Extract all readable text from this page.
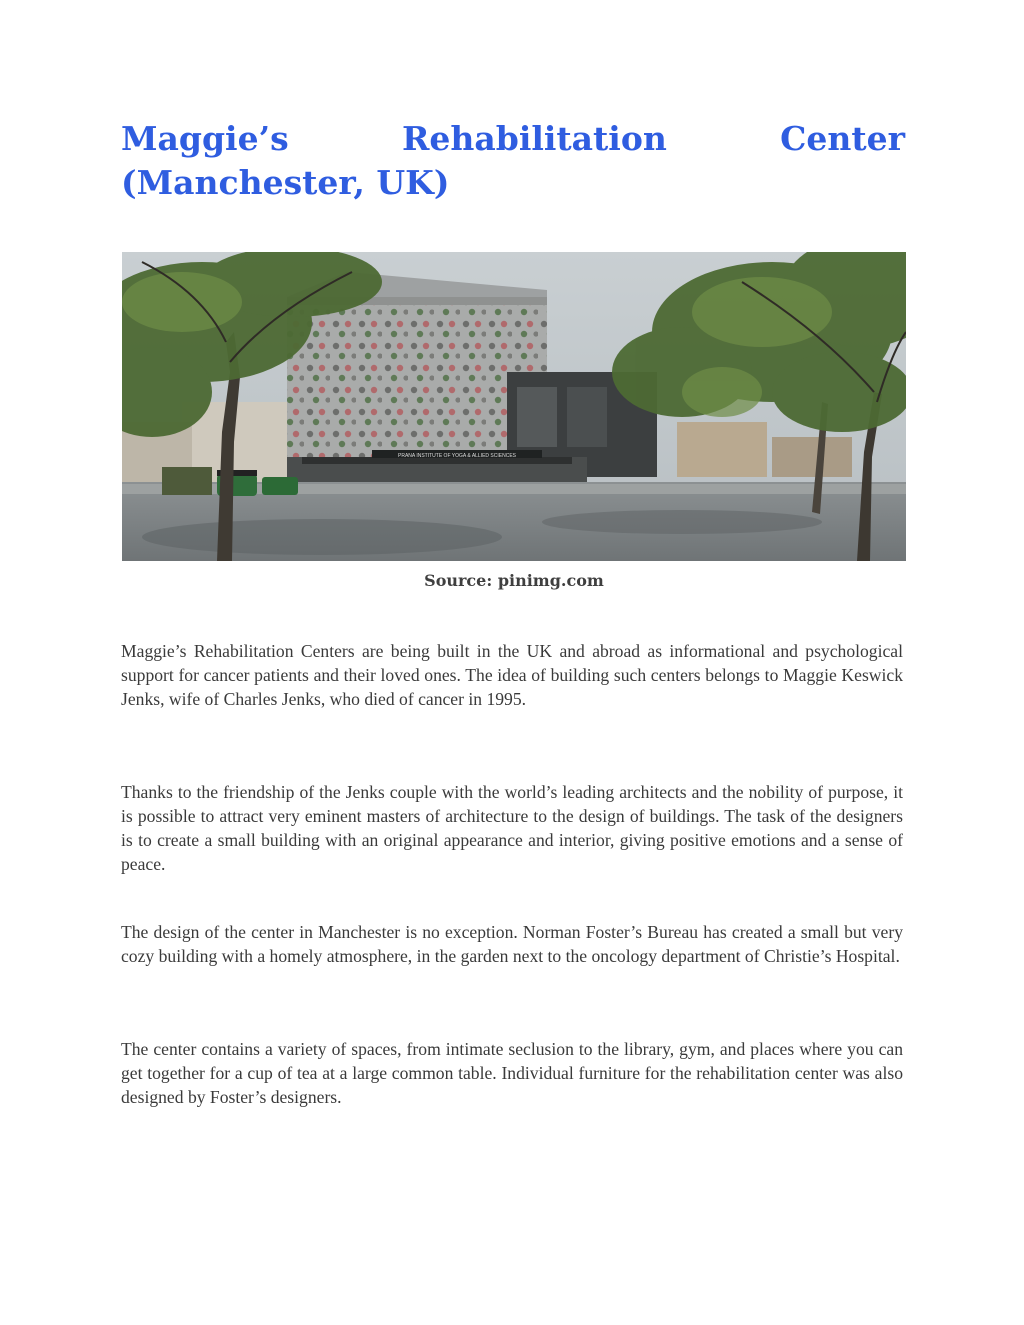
Maggie’s Rehabilitation Center (Manchester, UK)
PRANA INSTITUTE OF YOGA & ALLIED SCIENCES
Source: pinimg.com

Maggie’s Rehabilitation Centers are being built in the UK and abroad as informational and psychological support for cancer patients and their loved ones. The idea of building such centers belongs to Maggie Keswick Jenks, wife of Charles Jenks, who died of cancer in 1995.

Thanks to the friendship of the Jenks couple with the world’s leading architects and the nobility of purpose, it is possible to attract very eminent masters of architecture to the design of buildings. The task of the designers is to create a small building with an original appearance and interior, giving positive emotions and a sense of peace.

The design of the center in Manchester is no exception. Norman Foster’s Bureau has created a small but very cozy building with a homely atmosphere, in the garden next to the oncology department of Christie’s Hospital.

The center contains a variety of spaces, from intimate seclusion to the library, gym, and places where you can get together for a cup of tea at a large common table. Individual furniture for the rehabilitation center was also designed by Foster’s designers.
